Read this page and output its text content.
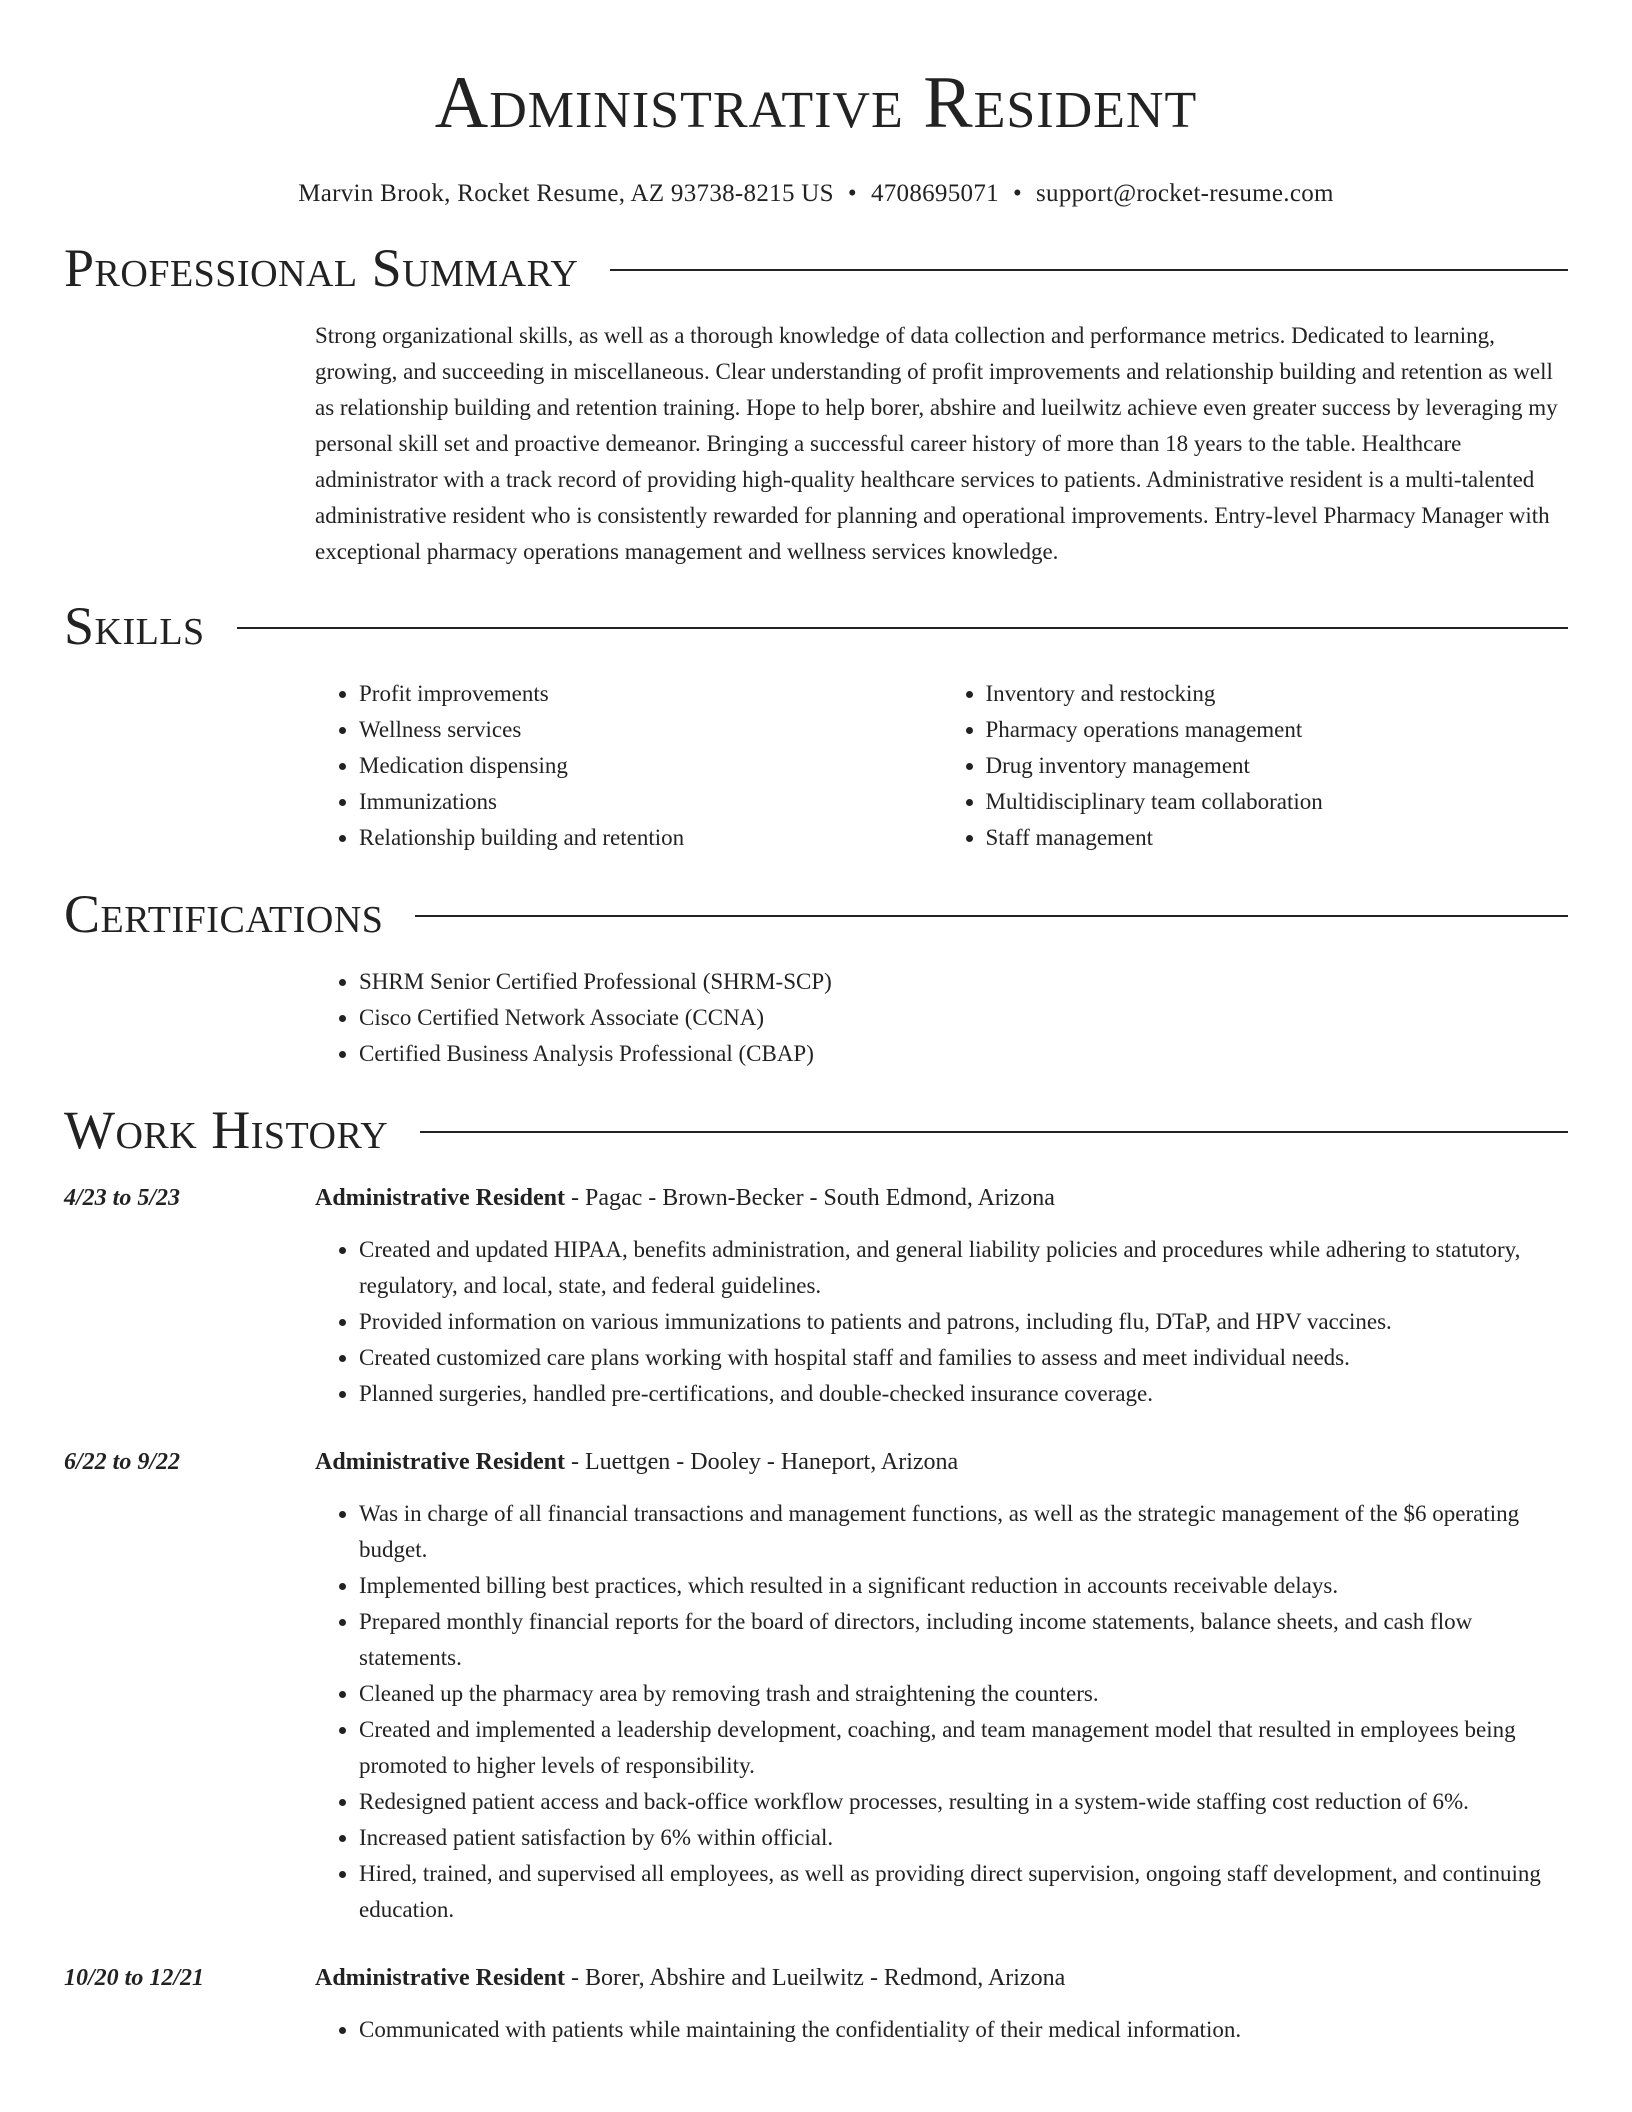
Administrative Resident
Marvin Brook, Rocket Resume, AZ 93738-8215 US • 4708695071 • support@rocket-resume.com
Professional Summary
Strong organizational skills, as well as a thorough knowledge of data collection and performance metrics. Dedicated to learning, growing, and succeeding in miscellaneous. Clear understanding of profit improvements and relationship building and retention as well as relationship building and retention training. Hope to help borer, abshire and lueilwitz achieve even greater success by leveraging my personal skill set and proactive demeanor. Bringing a successful career history of more than 18 years to the table. Healthcare administrator with a track record of providing high-quality healthcare services to patients. Administrative resident is a multi-talented administrative resident who is consistently rewarded for planning and operational improvements. Entry-level Pharmacy Manager with exceptional pharmacy operations management and wellness services knowledge.
Skills
• Profit improvements
• Wellness services
• Medication dispensing
• Immunizations
• Relationship building and retention
• Inventory and restocking
• Pharmacy operations management
• Drug inventory management
• Multidisciplinary team collaboration
• Staff management
Certifications
• SHRM Senior Certified Professional (SHRM-SCP)
• Cisco Certified Network Associate (CCNA)
• Certified Business Analysis Professional (CBAP)
Work History
4/23 to 5/23	Administrative Resident - Pagac - Brown-Becker - South Edmond, Arizona
• Created and updated HIPAA, benefits administration, and general liability policies and procedures while adhering to statutory, regulatory, and local, state, and federal guidelines.
• Provided information on various immunizations to patients and patrons, including flu, DTaP, and HPV vaccines.
• Created customized care plans working with hospital staff and families to assess and meet individual needs.
• Planned surgeries, handled pre-certifications, and double-checked insurance coverage.
6/22 to 9/22	Administrative Resident - Luettgen - Dooley - Haneport, Arizona
• Was in charge of all financial transactions and management functions, as well as the strategic management of the $6 operating budget.
• Implemented billing best practices, which resulted in a significant reduction in accounts receivable delays.
• Prepared monthly financial reports for the board of directors, including income statements, balance sheets, and cash flow statements.
• Cleaned up the pharmacy area by removing trash and straightening the counters.
• Created and implemented a leadership development, coaching, and team management model that resulted in employees being promoted to higher levels of responsibility.
• Redesigned patient access and back-office workflow processes, resulting in a system-wide staffing cost reduction of 6%.
• Increased patient satisfaction by 6% within official.
• Hired, trained, and supervised all employees, as well as providing direct supervision, ongoing staff development, and continuing education.
10/20 to 12/21	Administrative Resident - Borer, Abshire and Lueilwitz - Redmond, Arizona
• Communicated with patients while maintaining the confidentiality of their medical information.
